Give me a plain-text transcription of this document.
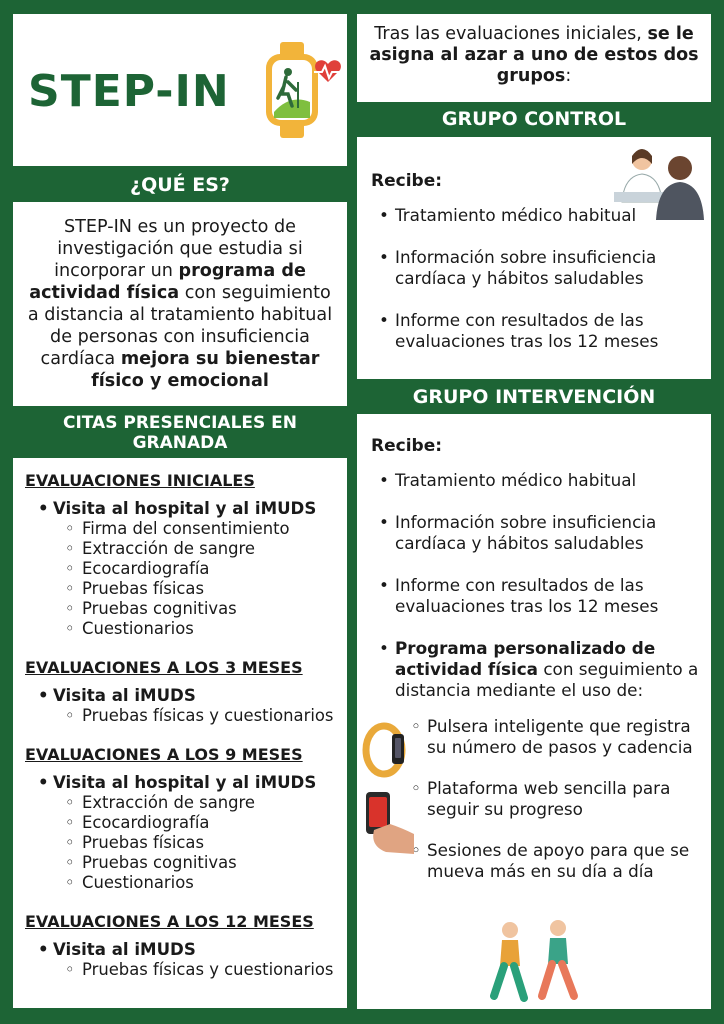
STEP-IN
Tras las evaluaciones iniciales, se le asigna al azar a uno de estos dos grupos:
¿QUÉ ES?
STEP-IN es un proyecto de investigación que estudia si incorporar un programa de actividad física con seguimiento a distancia al tratamiento habitual de personas con insuficiencia cardíaca mejora su bienestar físico y emocional
CITAS PRESENCIALES EN GRANADA
EVALUACIONES INICIALES
• Visita al hospital y al iMUDS
◦ Firma del consentimiento
◦ Extracción de sangre
◦ Ecocardiografía
◦ Pruebas físicas
◦ Pruebas cognitivas
◦ Cuestionarios
EVALUACIONES A LOS 3 MESES
• Visita al iMUDS
◦ Pruebas físicas y cuestionarios
EVALUACIONES A LOS 9 MESES
• Visita al hospital y al iMUDS
◦ Extracción de sangre
◦ Ecocardiografía
◦ Pruebas físicas
◦ Pruebas cognitivas
◦ Cuestionarios
EVALUACIONES A LOS 12 MESES
• Visita al iMUDS
◦ Pruebas físicas y cuestionarios
GRUPO CONTROL
Recibe:
• Tratamiento médico habitual
• Información sobre insuficiencia cardíaca y hábitos saludables
• Informe con resultados de las evaluaciones tras los 12 meses
GRUPO INTERVENCIÓN
Recibe:
• Tratamiento médico habitual
• Información sobre insuficiencia cardíaca y hábitos saludables
• Informe con resultados de las evaluaciones tras los 12 meses
• Programa personalizado de actividad física con seguimiento a distancia mediante el uso de:
◦ Pulsera inteligente que registra su número de pasos y cadencia
◦ Plataforma web sencilla para seguir su progreso
◦ Sesiones de apoyo para que se mueva más en su día a día
